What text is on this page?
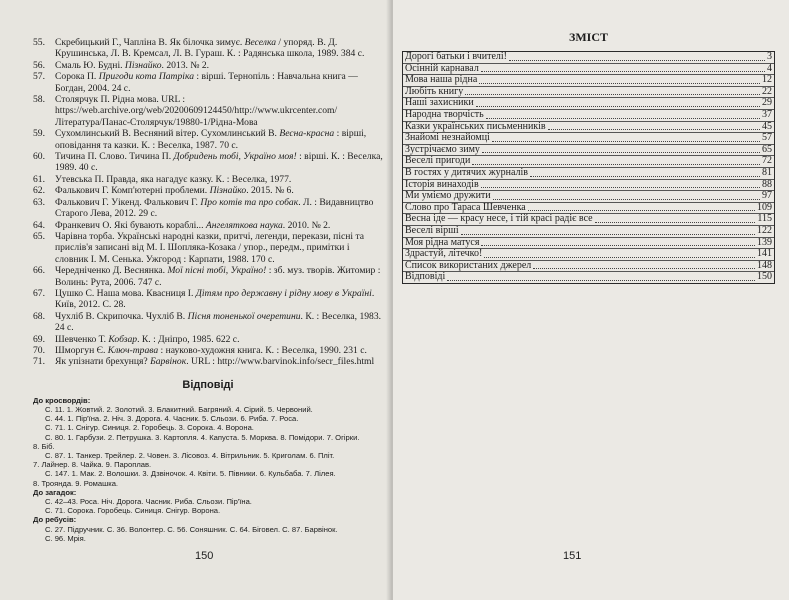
55.	Скребицький Г., Чапліна В. Як білочка зимує. Веселка / упоряд. В. Д. Крушинська, Л. В. Кремсал, Л. В. Гураш. К. : Радянська школа, 1989. 384 с.
56.	Смаль Ю. Будні. Пізнайко. 2013. № 2.
57.	Сорока П. Пригоди кота Патріка : вірші. Тернопіль : Навчальна книга — Богдан, 2004. 24 с.
58.	Столярчук П. Рідна мова. URL : https://web.archive.org/web/20200609124450/http://www.ukrcenter.com/Література/Панас-Столярчук/19880-1/Рідна-Мова
59.	Сухомлинський В. Весняний вітер. Сухомлинський В. Весна-красна : вірші, оповідання та казки. К. : Веселка, 1987. 70 с.
60.	Тичина П. Слово. Тичина П. Добридень тобі, Україно моя! : вірші. К. : Веселка, 1989. 40 с.
61.	Утевська П. Правда, яка нагадує казку. К. : Веселка, 1977.
62.	Фалькович Г. Комп'ютерні проблеми. Пізнайко. 2015. № 6.
63.	Фалькович Г. Уікенд. Фалькович Г. Про котів та про собак. Л. : Видавництво Старого Лева, 2012. 29 с.
64.	Франкевич О. Які бувають кораблі... Ангеляткова наука. 2010. № 2.
65.	Чарівна торба. Українські народні казки, притчі, легенди, перекази, пісні та прислів'я записані від М. І. Шопляка-Козака / упор., передм., примітки і словник І. М. Сенька. Ужгород : Карпати, 1988. 170 с.
66.	Чередніченко Д. Веснянка. Мої пісні тобі, Україно! : зб. муз. творів. Житомир : Волинь: Рута, 2006. 747 с.
67.	Цушко С. Наша мова. Квасниця І. Дітям про державну і рідну мову в Україні. Київ, 2012. С. 28.
68.	Чухліб В. Скрипочка. Чухліб В. Пісня тоненької очеретини. К. : Веселка, 1983. 24 с.
69.	Шевченко Т. Кобзар. К. : Дніпро, 1985. 622 с.
70.	Шморгун Є. Ключ-трава : науково-художня книга. К. : Веселка, 1990. 231 с.
71.	Як упізнати брехунця? Барвінок. URL : http://www.barvinok.info/secr_files.html
Відповіді
До кросвордів:
С. 11. 1. Жовтий. 2. Золотий. 3. Блакитний. Багряний. 4. Сірий. 5. Червоний.
С. 44. 1. Пір'їна. 2. Ніч. 3. Дорога. 4. Часник. 5. Сльози. 6. Риба. 7. Роса.
С. 71. 1. Снігур. Синиця. 2. Горобець. 3. Сорока. 4. Ворона.
С. 80. 1. Гарбузи. 2. Петрушка. 3. Картопля. 4. Капуста. 5. Морква. 8. Помідори. 7. Огірки.
8. Біб.
С. 87. 1. Танкер. Трейлер. 2. Човен. 3. Лісовоз. 4. Вітрильник. 5. Криголам. 6. Пліт.
7. Лайнер. 8. Чайка. 9. Пароплав.
С. 147. 1. Мак. 2. Волошки. 3. Дзвіночок. 4. Квіти. 5. Півники. 6. Кульбаба. 7. Лілея.
8. Троянда. 9. Ромашка.
До загадок:
С. 42–43. Роса. Ніч. Дорога. Часник. Риба. Сльози. Пір'їна.
С. 71. Сорока. Горобець. Синиця. Снігур. Ворона.
До ребусів:
С. 27. Підручник. С. 36. Волонтер. С. 56. Соняшник. С. 64. Біговел. С. 87. Барвінок.
С. 96. Мрія.
150
ЗМІСТ
Дорогі батьки і вчителі!	3
Осінній карнавал	4
Мова наша рідна	12
Любіть книгу	22
Наші захисники	29
Народна творчість	37
Казки українських письменників	45
Знайомі незнайомці	57
Зустрічаємо зиму	65
Веселі пригоди	72
В гостях у дитячих журналів	81
Історія винаходів	88
Ми уміємо дружити	97
Слово про Тараса Шевченка	109
Весна іде — красу несе, і тій красі радіє все	115
Веселі вірші	122
Моя рідна матуся	139
Здрастуй, літечко!	141
Список використаних джерел	148
Відповіді	150
151
